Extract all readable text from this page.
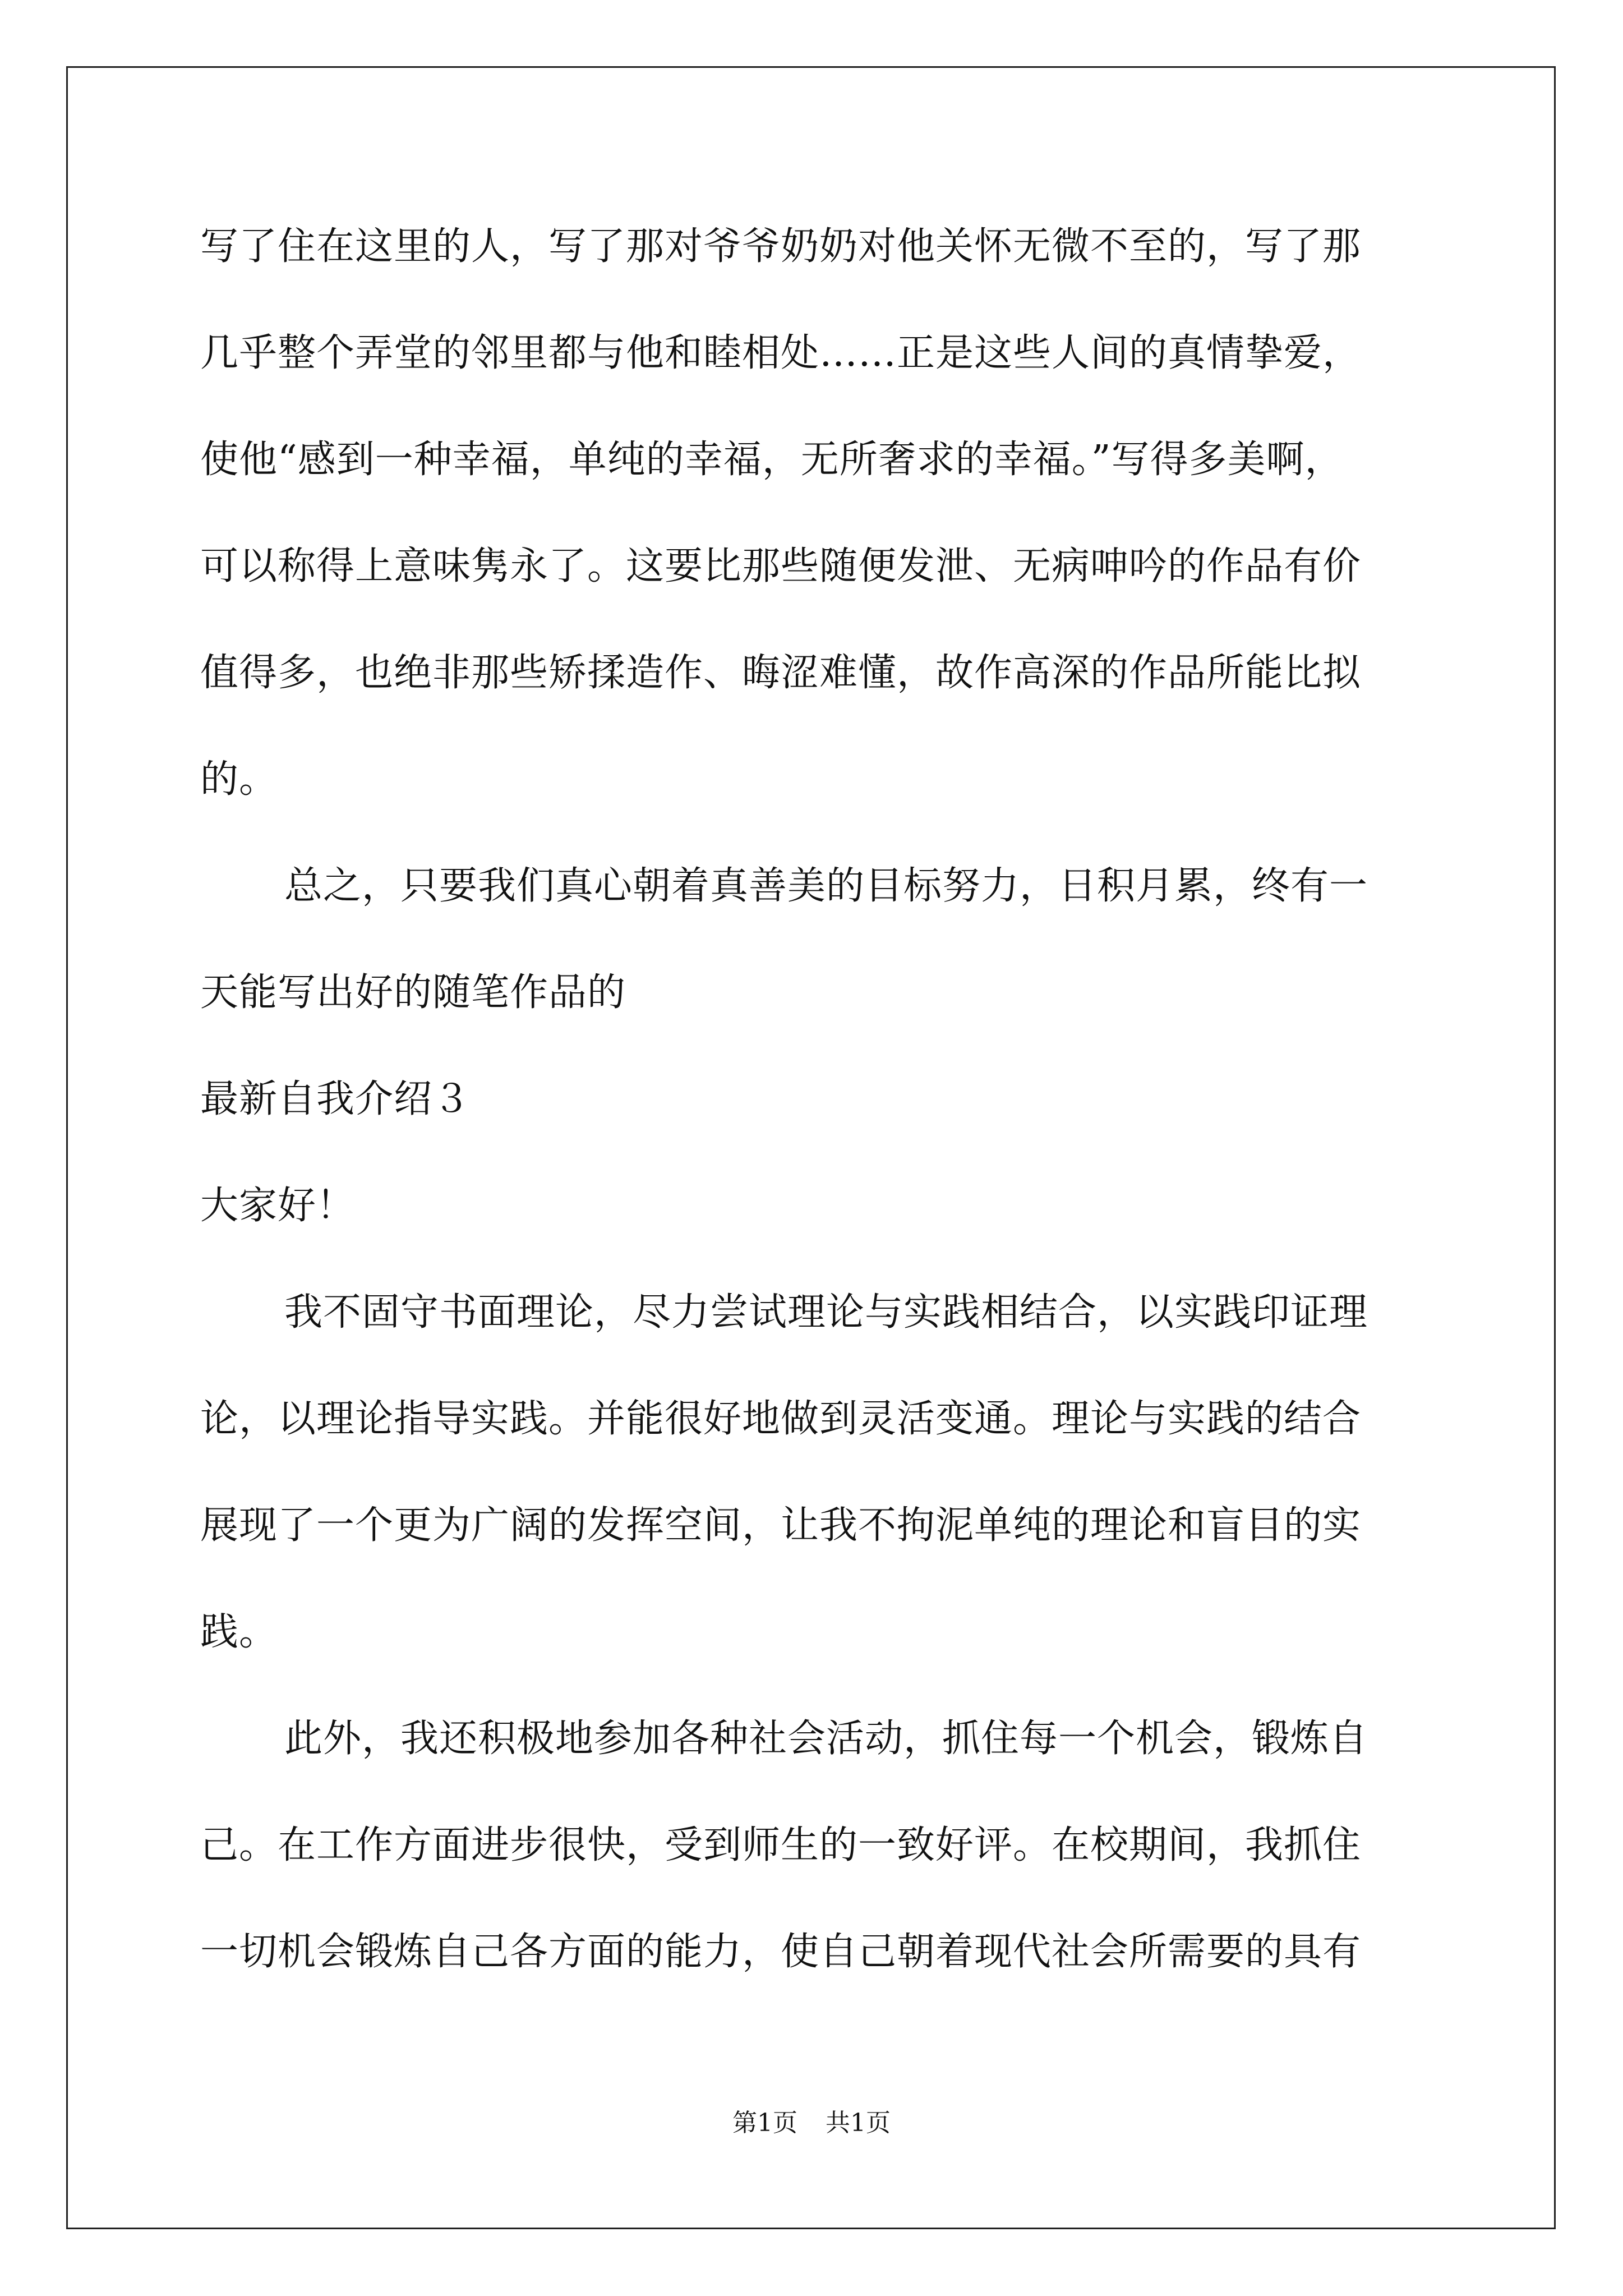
写了住在这里的人，写了那对爷爷奶奶对他关怀无微不至的，写了那
几乎整个弄堂的邻里都与他和睦相处……正是这些人间的真情挚爱，
使他“感到一种幸福，单纯的幸福，无所奢求的幸福。”写得多美啊，
可以称得上意味隽永了。这要比那些随便发泄、无病呻吟的作品有价
值得多，也绝非那些矫揉造作、晦涩难懂，故作高深的作品所能比拟
的。
总之，只要我们真心朝着真善美的目标努力，日积月累，终有一
天能写出好的随笔作品的
最新自我介绍３
大家好！
我不固守书面理论，尽力尝试理论与实践相结合，以实践印证理
论，以理论指导实践。并能很好地做到灵活变通。理论与实践的结合
展现了一个更为广阔的发挥空间，让我不拘泥单纯的理论和盲目的实
践。
此外，我还积极地参加各种社会活动，抓住每一个机会，锻炼自
己。在工作方面进步很快，受到师生的一致好评。在校期间，我抓住
一切机会锻炼自己各方面的能力，使自己朝着现代社会所需要的具有
第1页 共1页
